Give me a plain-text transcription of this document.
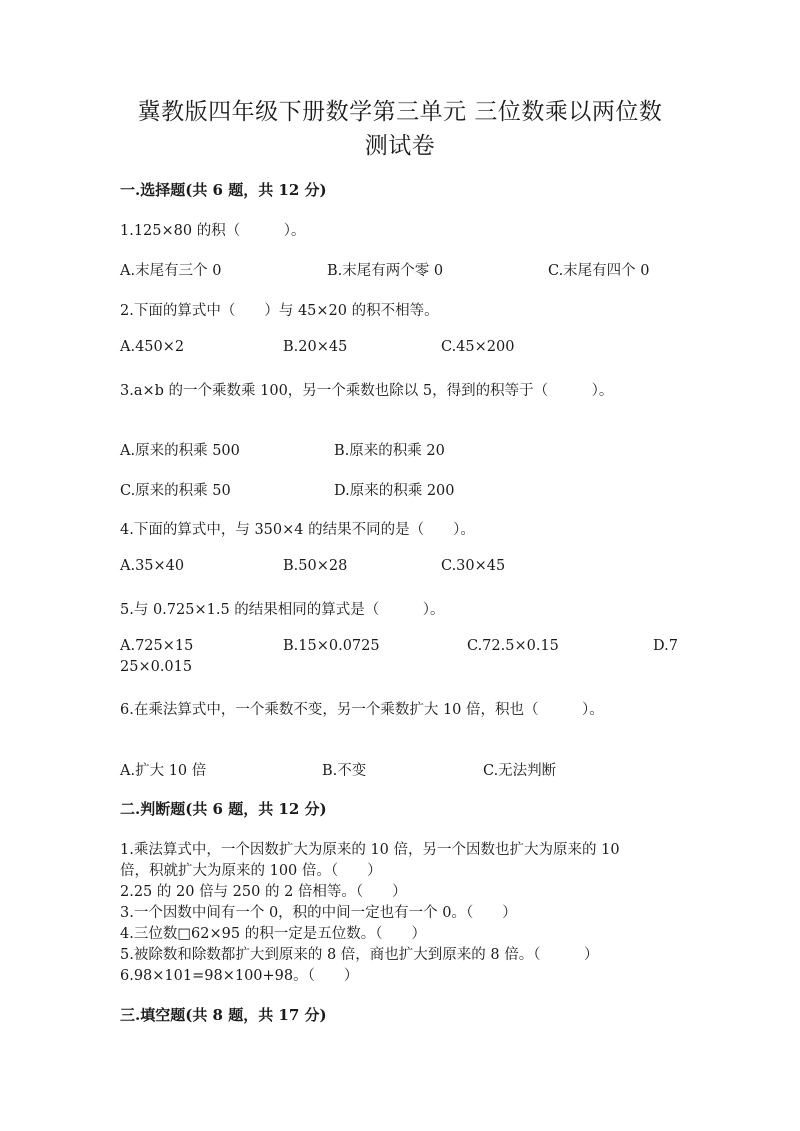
冀教版四年级下册数学第三单元 三位数乘以两位数
测试卷
一.选择题(共 6 题，共 12 分)
1.125×80 的积（　　　）。
A.末尾有三个 0	B.末尾有两个零 0	C.末尾有四个 0
2.下面的算式中（　　）与 45×20 的积不相等。
A.450×2	B.20×45	C.45×200
3.a×b 的一个乘数乘 100，另一个乘数也除以 5，得到的积等于（　　　）。
A.原来的积乘 500	B.原来的积乘 20
C.原来的积乘 50	D.原来的积乘 200
4.下面的算式中，与 350×4 的结果不同的是（　　）。
A.35×40	B.50×28	C.30×45
5.与 0.725×1.5 的结果相同的算式是（　　　）。
A.725×15	B.15×0.0725	C.72.5×0.15	D.7
25×0.015
6.在乘法算式中，一个乘数不变，另一个乘数扩大 10 倍，积也（　　　）。
A.扩大 10 倍	B.不变	C.无法判断
二.判断题(共 6 题，共 12 分)
1.乘法算式中，一个因数扩大为原来的 10 倍，另一个因数也扩大为原来的 10
倍，积就扩大为原来的 100 倍。（　　）
2.25 的 20 倍与 250 的 2 倍相等。（　　）
3.一个因数中间有一个 0，积的中间一定也有一个 0。（　　）
4.三位数□62×95 的积一定是五位数。（　　）
5.被除数和除数都扩大到原来的 8 倍，商也扩大到原来的 8 倍。（　　　）
6.98×101=98×100+98。（　　）
三.填空题(共 8 题，共 17 分)
